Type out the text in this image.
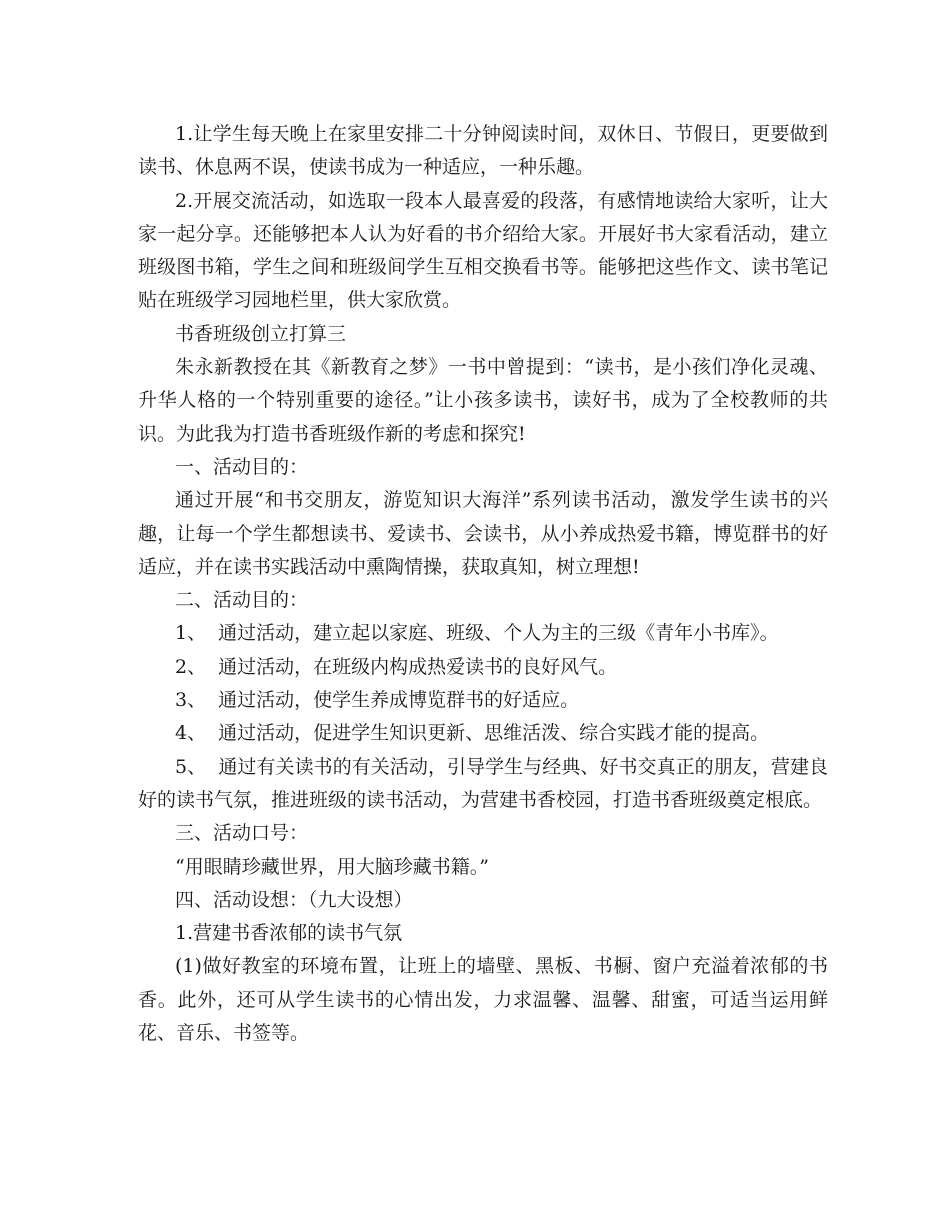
1.让学生每天晚上在家里安排二十分钟阅读时间，双休日、节假日，更要做到读书、休息两不误，使读书成为一种适应，一种乐趣。

2.开展交流活动，如选取一段本人最喜爱的段落，有感情地读给大家听，让大家一起分享。还能够把本人认为好看的书介绍给大家。开展好书大家看活动，建立班级图书箱，学生之间和班级间学生互相交换看书等。能够把这些作文、读书笔记贴在班级学习园地栏里，供大家欣赏。

书香班级创立打算三

朱永新教授在其《新教育之梦》一书中曾提到：“读书，是小孩们净化灵魂、升华人格的一个特别重要的途径。”让小孩多读书，读好书，成为了全校教师的共识。为此我为打造书香班级作新的考虑和探究!

一、活动目的：

通过开展“和书交朋友，游览知识大海洋”系列读书活动，激发学生读书的兴趣，让每一个学生都想读书、爱读书、会读书，从小养成热爱书籍，博览群书的好适应，并在读书实践活动中熏陶情操，获取真知，树立理想!

二、活动目的：

1、  通过活动，建立起以家庭、班级、个人为主的三级《青年小书库》。

2、  通过活动，在班级内构成热爱读书的良好风气。

3、  通过活动，使学生养成博览群书的好适应。

4、  通过活动，促进学生知识更新、思维活泼、综合实践才能的提高。

5、  通过有关读书的有关活动，引导学生与经典、好书交真正的朋友，营建良好的读书气氛，推进班级的读书活动，为营建书香校园，打造书香班级奠定根底。

三、活动口号：

“用眼睛珍藏世界，用大脑珍藏书籍。”

四、活动设想：（九大设想）

1.营建书香浓郁的读书气氛

(1)做好教室的环境布置，让班上的墙壁、黑板、书橱、窗户充溢着浓郁的书香。此外，还可从学生读书的心情出发，力求温馨、温馨、甜蜜，可适当运用鲜花、音乐、书签等。
